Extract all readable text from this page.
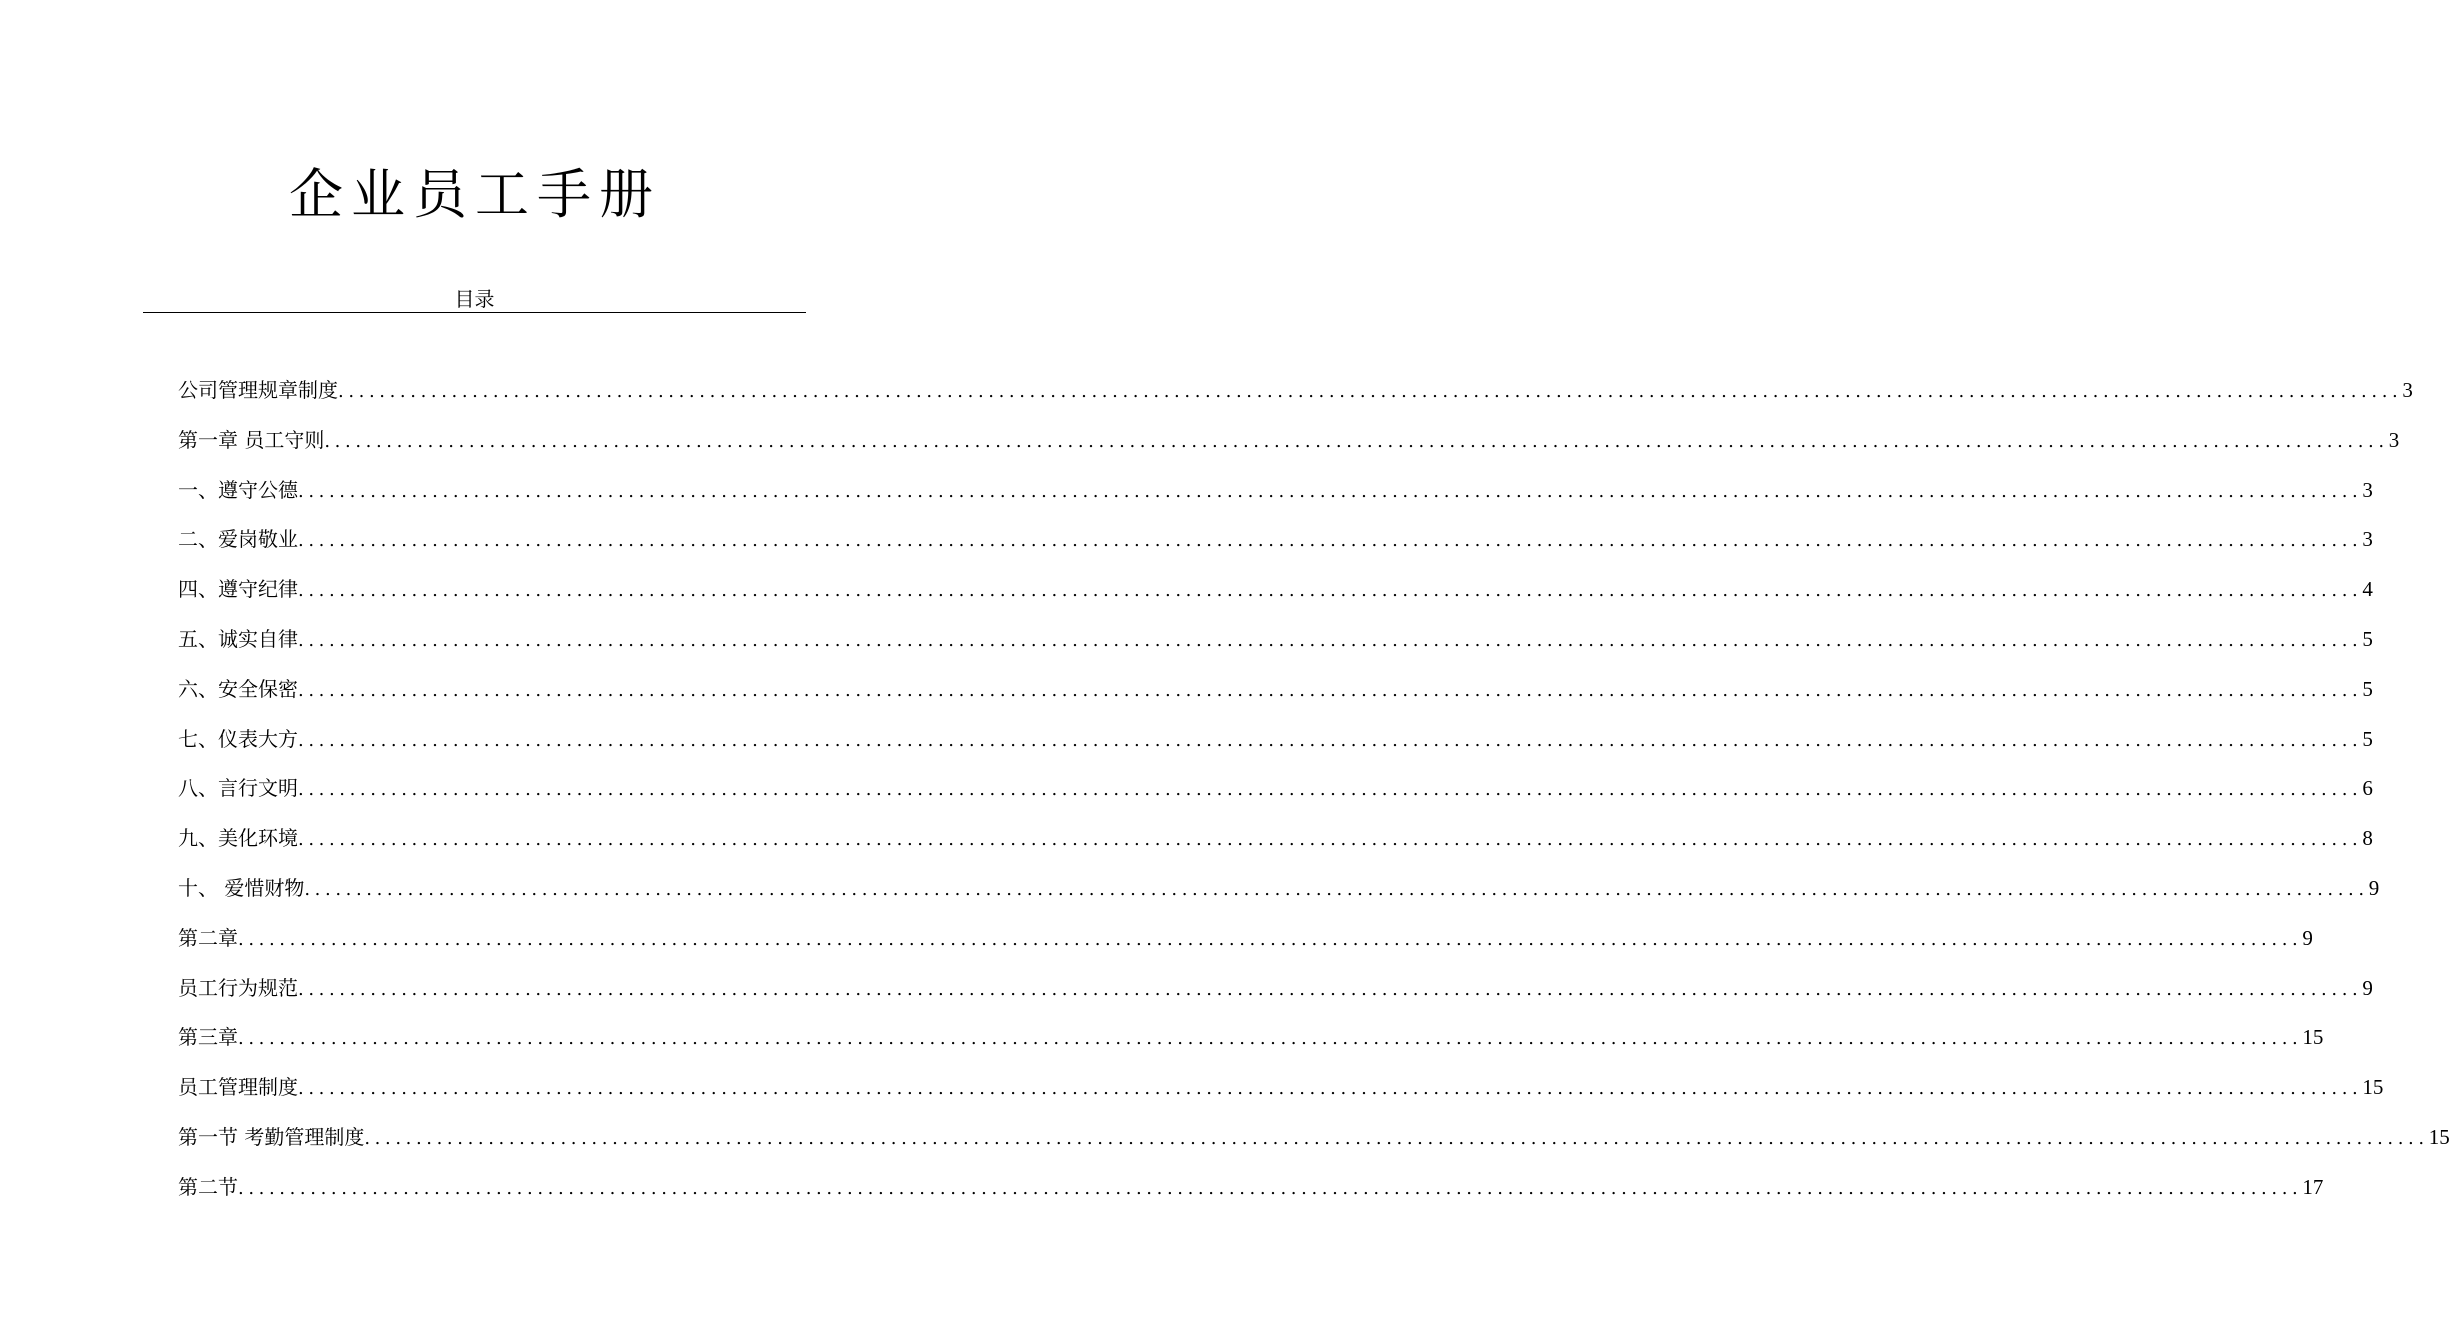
企业员工手册
目录
公司管理规章制度 ........................................................................................................................................................................................................ 3
第一章 员工守则 ........................................................................................................................................................................................................ 3
一、遵守公德 ........................................................................................................................................................................................................ 3
二、爱岗敬业 ........................................................................................................................................................................................................ 3
四、遵守纪律 ........................................................................................................................................................................................................ 4
五、诚实自律 ........................................................................................................................................................................................................ 5
六、安全保密 ........................................................................................................................................................................................................ 5
七、仪表大方 ........................................................................................................................................................................................................ 5
八、言行文明 ........................................................................................................................................................................................................ 6
九、美化环境 ........................................................................................................................................................................................................ 8
十、 爱惜财物 ........................................................................................................................................................................................................ 9
第二章 ........................................................................................................................................................................................................ 9
员工行为规范 ........................................................................................................................................................................................................ 9
第三章 ........................................................................................................................................................................................................ 15
员工管理制度 ........................................................................................................................................................................................................ 15
第一节 考勤管理制度 ........................................................................................................................................................................................................ 15
第二节 ........................................................................................................................................................................................................ 17
